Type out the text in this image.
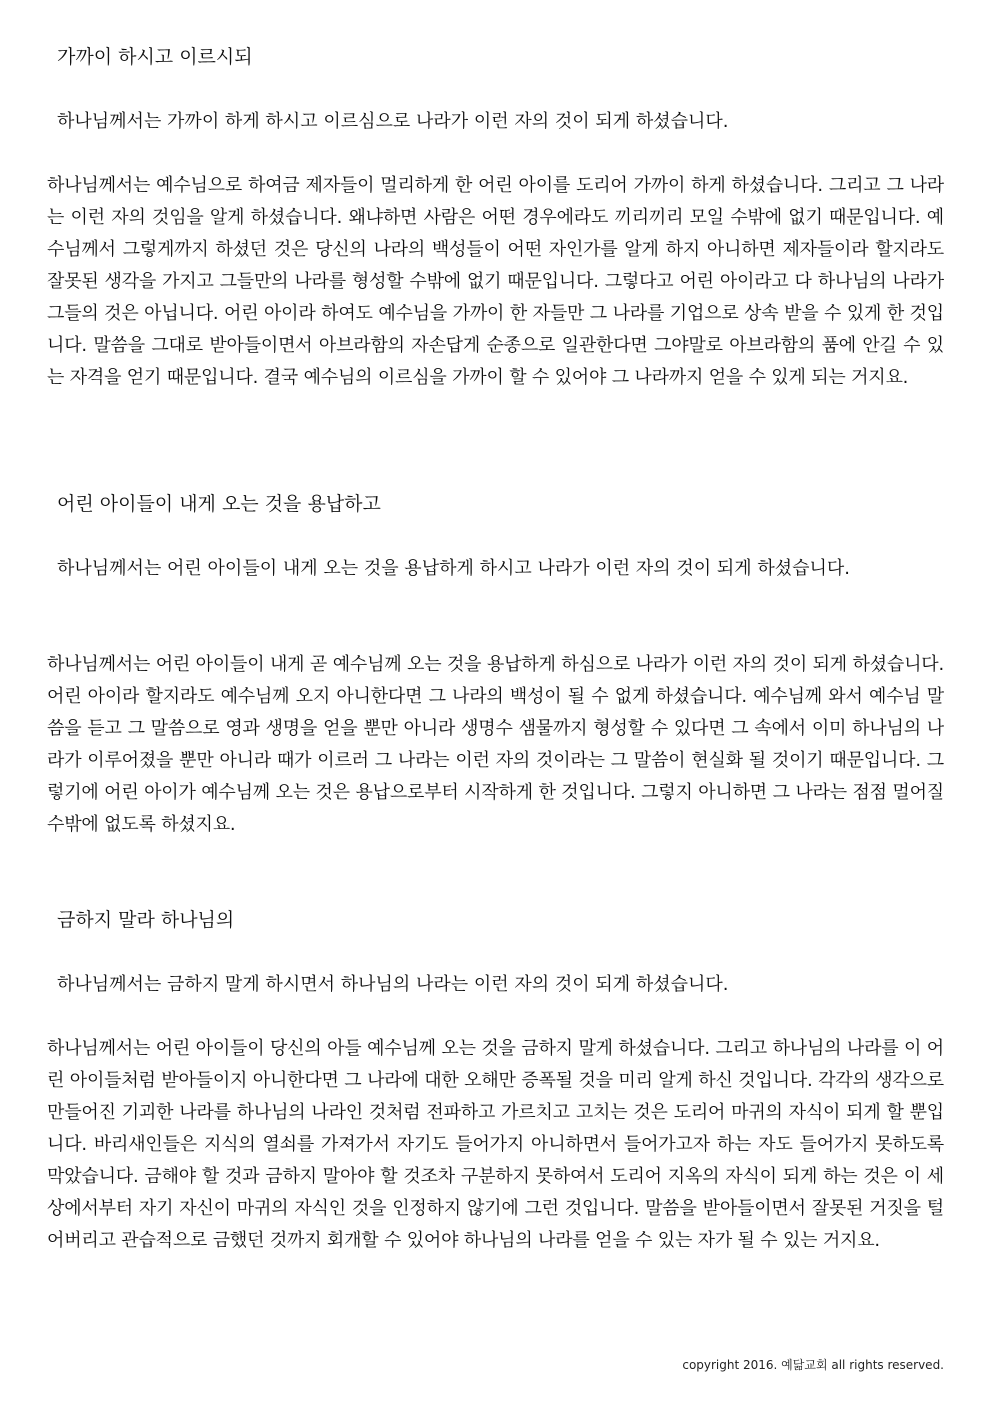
가까이 하시고 이르시되

하나님께서는 가까이 하게 하시고 이르심으로 나라가 이런 자의 것이 되게 하셨습니다.

하나님께서는 예수님으로 하여금 제자들이 멀리하게 한 어린 아이를 도리어 가까이 하게 하셨습니다. 그리고 그 나라는 이런 자의 것임을 알게 하셨습니다. 왜냐하면 사람은 어떤 경우에라도 끼리끼리 모일 수밖에 없기 때문입니다. 예수님께서 그렇게까지 하셨던 것은 당신의 나라의 백성들이 어떤 자인가를 알게 하지 아니하면 제자들이라 할지라도 잘못된 생각을 가지고 그들만의 나라를 형성할 수밖에 없기 때문입니다. 그렇다고 어린 아이라고 다 하나님의 나라가 그들의 것은 아닙니다. 어린 아이라 하여도 예수님을 가까이 한 자들만 그 나라를 기업으로 상속 받을 수 있게 한 것입니다. 말씀을 그대로 받아들이면서 아브라함의 자손답게 순종으로 일관한다면 그야말로 아브라함의 품에 안길 수 있는 자격을 얻기 때문입니다. 결국 예수님의 이르심을 가까이 할 수 있어야 그 나라까지 얻을 수 있게 되는 거지요.

어린 아이들이 내게 오는 것을 용납하고

하나님께서는 어린 아이들이 내게 오는 것을 용납하게 하시고 나라가 이런 자의 것이 되게 하셨습니다.

하나님께서는 어린 아이들이 내게 곧 예수님께 오는 것을 용납하게 하심으로 나라가 이런 자의 것이 되게 하셨습니다. 어린 아이라 할지라도 예수님께 오지 아니한다면 그 나라의 백성이 될 수 없게 하셨습니다. 예수님께 와서 예수님 말씀을 듣고 그 말씀으로 영과 생명을 얻을 뿐만 아니라 생명수 샘물까지 형성할 수 있다면 그 속에서 이미 하나님의 나라가 이루어졌을 뿐만 아니라 때가 이르러 그 나라는 이런 자의 것이라는 그 말씀이 현실화 될 것이기 때문입니다. 그렇기에 어린 아이가 예수님께 오는 것은 용납으로부터 시작하게 한 것입니다. 그렇지 아니하면 그 나라는 점점 멀어질 수밖에 없도록 하셨지요.

금하지 말라 하나님의

하나님께서는 금하지 말게 하시면서 하나님의 나라는 이런 자의 것이 되게 하셨습니다.

하나님께서는 어린 아이들이 당신의 아들 예수님께 오는 것을 금하지 말게 하셨습니다. 그리고 하나님의 나라를 이 어린 아이들처럼 받아들이지 아니한다면 그 나라에 대한 오해만 증폭될 것을 미리 알게 하신 것입니다. 각각의 생각으로 만들어진 기괴한 나라를 하나님의 나라인 것처럼 전파하고 가르치고 고치는 것은 도리어 마귀의 자식이 되게 할 뿐입니다. 바리새인들은 지식의 열쇠를 가져가서 자기도 들어가지 아니하면서 들어가고자 하는 자도 들어가지 못하도록 막았습니다. 금해야 할 것과 금하지 말아야 할 것조차 구분하지 못하여서 도리어 지옥의 자식이 되게 하는 것은 이 세상에서부터 자기 자신이 마귀의 자식인 것을 인정하지 않기에 그런 것입니다. 말씀을 받아들이면서 잘못된 거짓을 털어버리고 관습적으로 금했던 것까지 회개할 수 있어야 하나님의 나라를 얻을 수 있는 자가 될 수 있는 거지요.

copyright 2016. 예닮교회 all rights reserved.
